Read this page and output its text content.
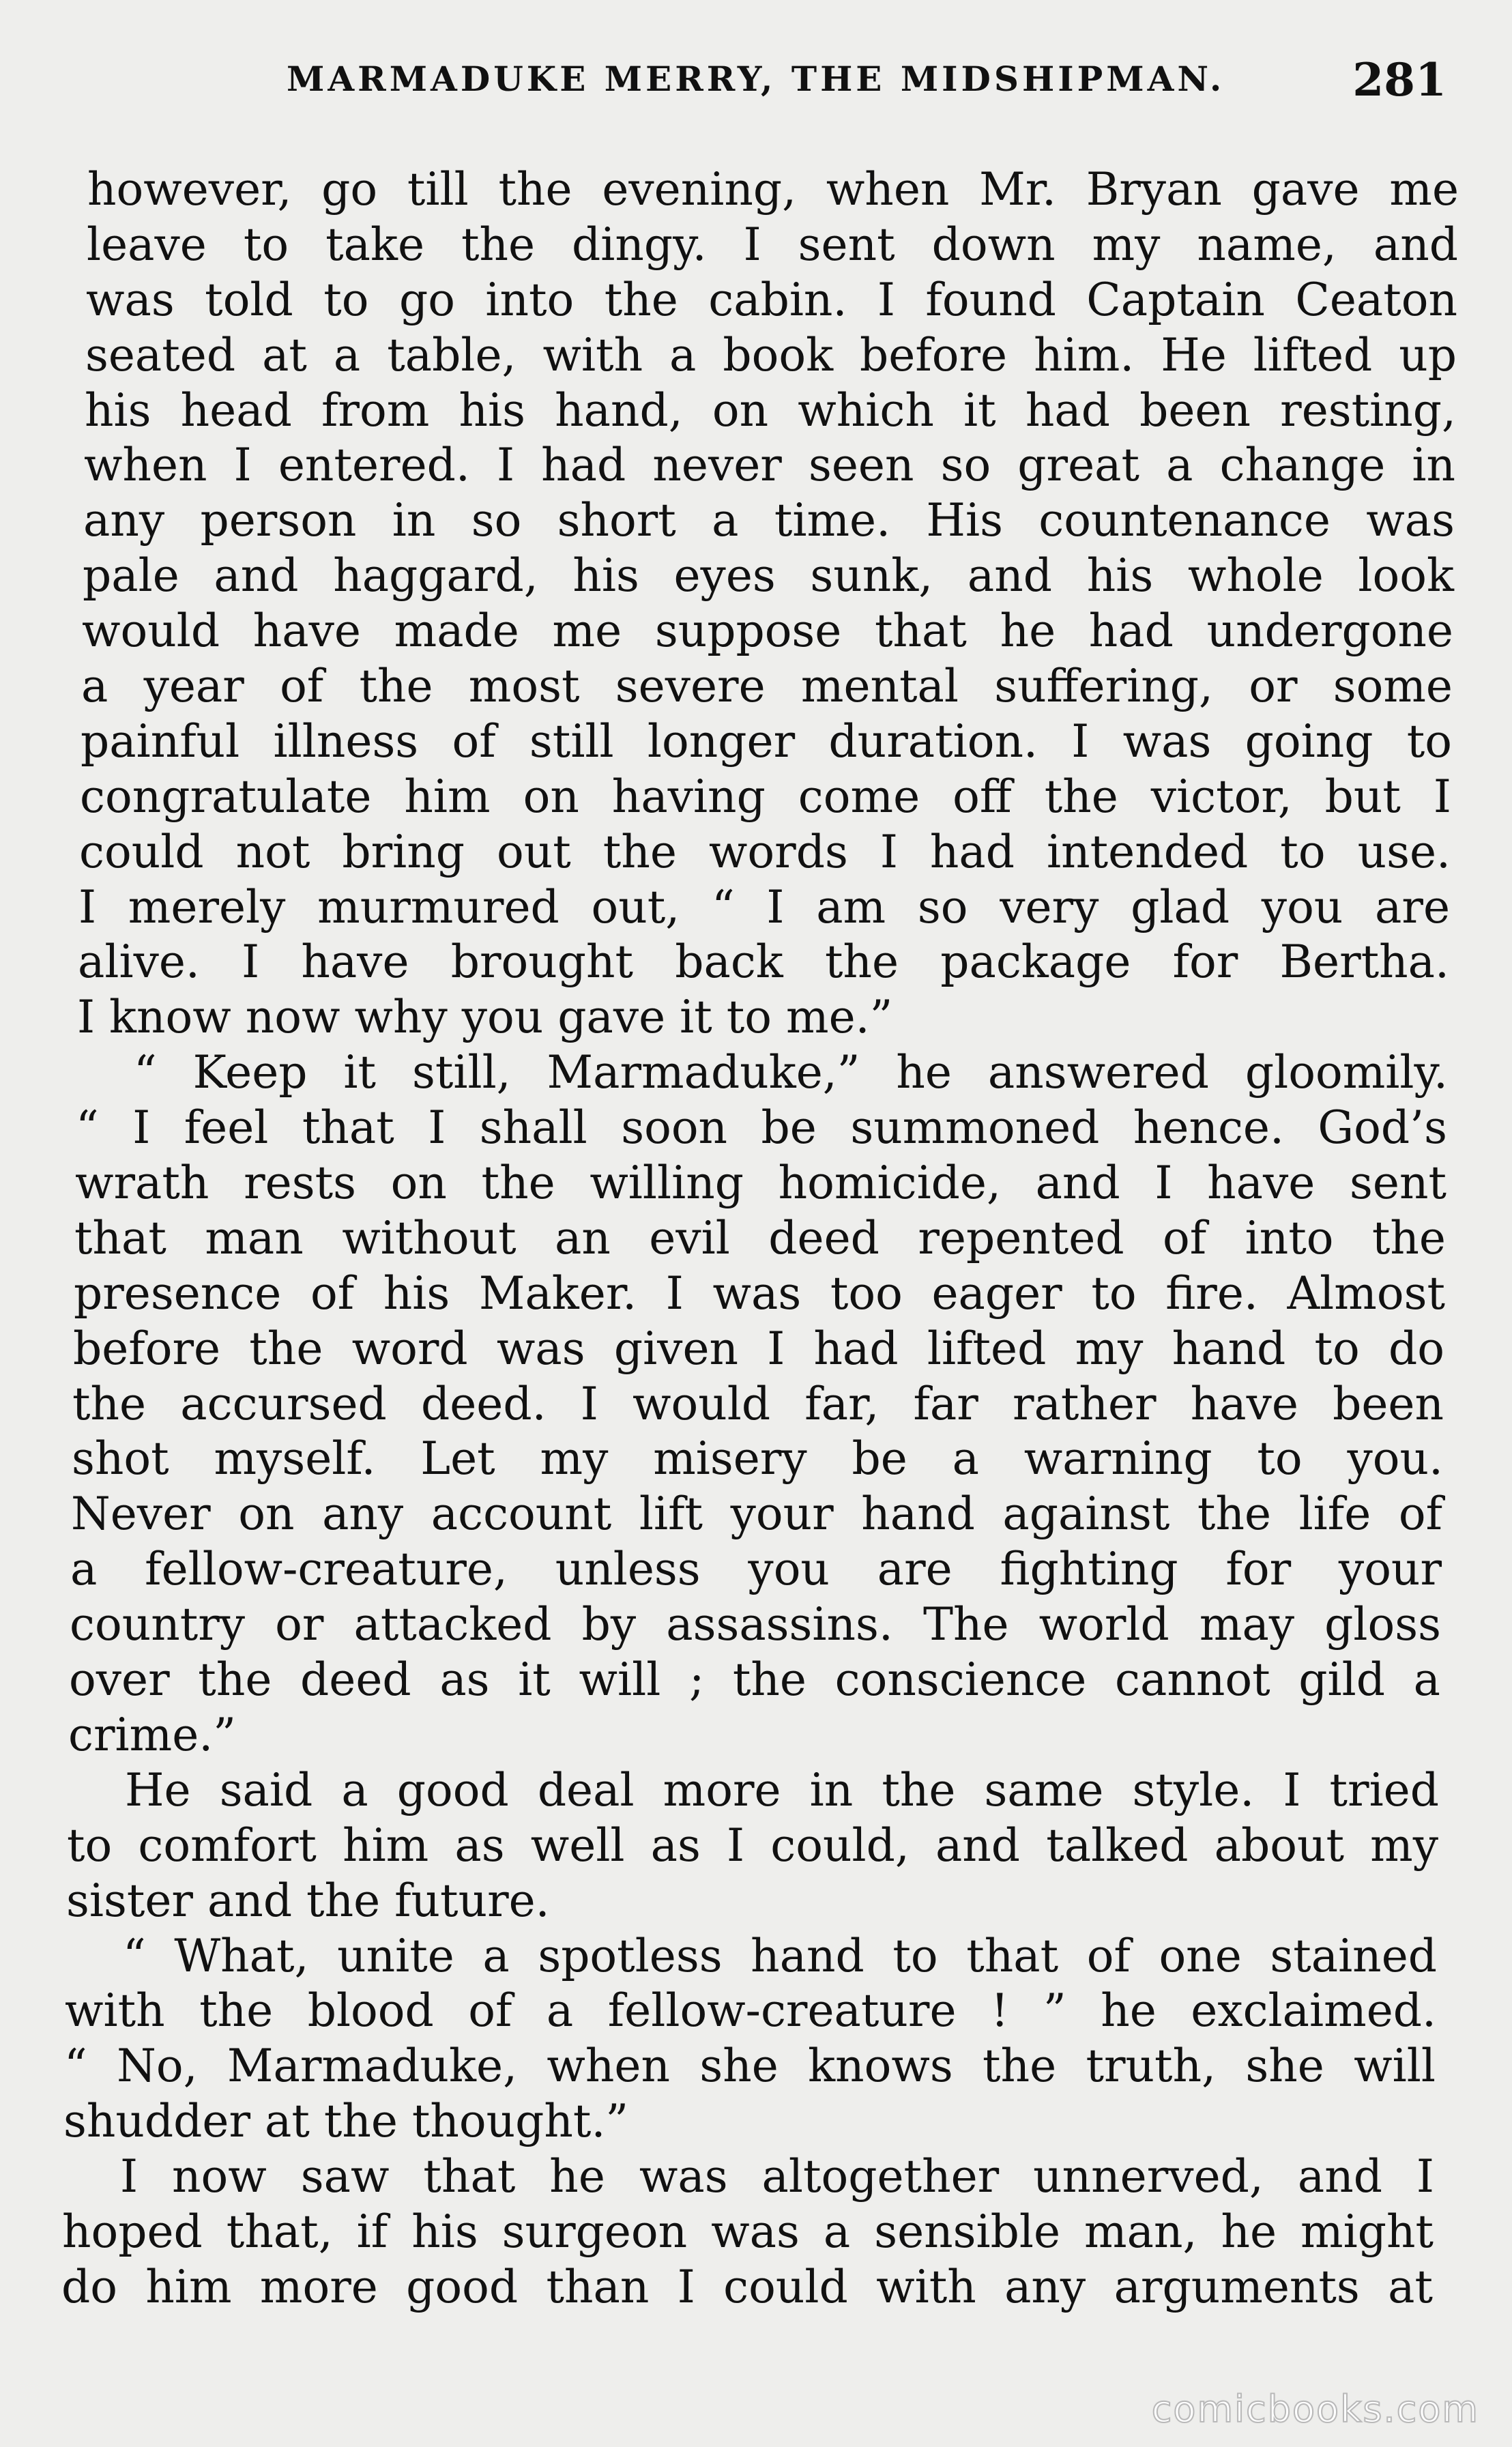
MARMADUKE MERRY, THE MIDSHIPMAN.	281
however, go till the evening, when Mr. Bryan gave me
leave to take the dingy. I sent down my name, and
was told to go into the cabin. I found Captain Ceaton
seated at a table, with a book before him. He lifted up
his head from his hand, on which it had been resting,
when I entered. I had never seen so great a change in
any person in so short a time. His countenance was
pale and haggard, his eyes sunk, and his whole look
would have made me suppose that he had undergone
a year of the most severe mental suffering, or some
painful illness of still longer duration. I was going to
congratulate him on having come off the victor, but I
could not bring out the words I had intended to use.
I merely murmured out, “ I am so very glad you are
alive. I have brought back the package for Bertha.
I know now why you gave it to me.”
“ Keep it still, Marmaduke,” he answered gloomily.
“ I feel that I shall soon be summoned hence. God’s
wrath rests on the willing homicide, and I have sent
that man without an evil deed repented of into the
presence of his Maker. I was too eager to fire. Almost
before the word was given I had lifted my hand to do
the accursed deed. I would far, far rather have been
shot myself. Let my misery be a warning to you.
Never on any account lift your hand against the life of
a fellow-creature, unless you are fighting for your
country or attacked by assassins. The world may gloss
over the deed as it will ; the conscience cannot gild a
crime.”
He said a good deal more in the same style. I tried
to comfort him as well as I could, and talked about my
sister and the future.
“ What, unite a spotless hand to that of one stained
with the blood of a fellow-creature ! ” he exclaimed.
“ No, Marmaduke, when she knows the truth, she will
shudder at the thought.”
I now saw that he was altogether unnerved, and I
hoped that, if his surgeon was a sensible man, he might
do him more good than I could with any arguments at
comicbooks.com
